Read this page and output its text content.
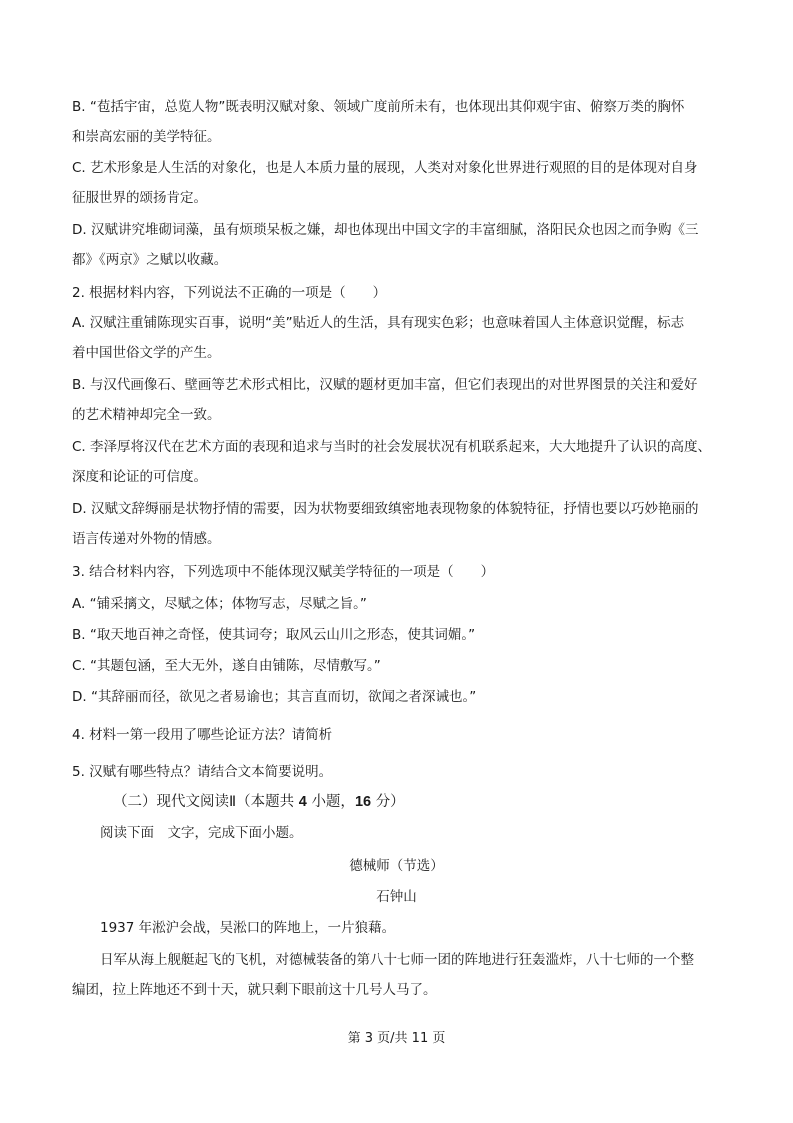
B. “苞括宇宙，总览人物”既表明汉赋对象、领域广度前所未有，也体现出其仰观宇宙、俯察万类的胸怀
和崇高宏丽的美学特征。
C. 艺术形象是人生活的对象化，也是人本质力量的展现，人类对对象化世界进行观照的目的是体现对自身
征服世界的颂扬肯定。
D. 汉赋讲究堆砌词藻，虽有烦琐呆板之嫌，却也体现出中国文字的丰富细腻，洛阳民众也因之而争购《三
都》《两京》之赋以收藏。
2. 根据材料内容，下列说法不正确的一项是（　　）
A. 汉赋注重铺陈现实百事，说明“美”贴近人的生活，具有现实色彩；也意味着国人主体意识觉醒，标志
着中国世俗文学的产生。
B. 与汉代画像石、壁画等艺术形式相比，汉赋的题材更加丰富，但它们表现出的对世界图景的关注和爱好
的艺术精神却完全一致。
C. 李泽厚将汉代在艺术方面的表现和追求与当时的社会发展状况有机联系起来，大大地提升了认识的高度、
深度和论证的可信度。
D. 汉赋文辞缛丽是状物抒情的需要，因为状物要细致缜密地表现物象的体貌特征，抒情也要以巧妙艳丽的
语言传递对外物的情感。
3. 结合材料内容，下列选项中不能体现汉赋美学特征的一项是（　　）
A. “铺采摛文，尽赋之体；体物写志，尽赋之旨。”
B. “取天地百神之奇怪，使其词夸；取风云山川之形态，使其词媚。”
C. “其题包涵，至大无外，遂自由铺陈，尽情敷写。”
D. “其辞丽而径，欲见之者易谕也；其言直而切，欲闻之者深诫也。”
4. 材料一第一段用了哪些论证方法？请简析
5. 汉赋有哪些特点？请结合文本简要说明。
（二）现代文阅读Ⅱ（本题共 4 小题，16 分）
阅读下面　文字，完成下面小题。
德械师（节选）
石钟山
1937 年淞沪会战，吴淞口的阵地上，一片狼藉。
日军从海上舰艇起飞的飞机，对德械装备的第八十七师一团的阵地进行狂轰滥炸，八十七师的一个整
编团，拉上阵地还不到十天，就只剩下眼前这十几号人马了。
第 3 页/共 11 页
